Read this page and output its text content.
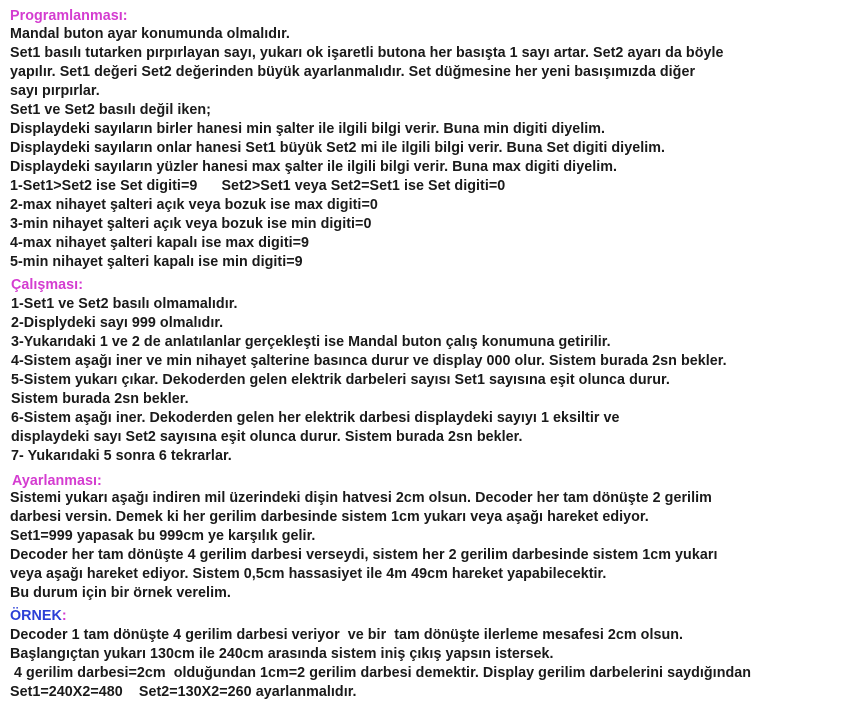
Programlanması:
Mandal buton ayar konumunda olmalıdır.
Set1 basılı tutarken pırpırlayan sayı, yukarı ok işaretli butona her basışta 1 sayı artar. Set2 ayarı da böyle
yapılır. Set1 değeri Set2 değerinden büyük ayarlanmalıdır. Set düğmesine her yeni basışımızda diğer
sayı pırpırlar.
Set1 ve Set2 basılı değil iken;
Displaydeki sayıların birler hanesi min şalter ile ilgili bilgi verir. Buna min digiti diyelim.
Displaydeki sayıların onlar hanesi Set1 büyük Set2 mi ile ilgili bilgi verir. Buna Set digiti diyelim.
Displaydeki sayıların yüzler hanesi max şalter ile ilgili bilgi verir. Buna max digiti diyelim.
1-Set1>Set2 ise Set digiti=9      Set2>Set1 veya Set2=Set1 ise Set digiti=0
2-max nihayet şalteri açık veya bozuk ise max digiti=0
3-min nihayet şalteri açık veya bozuk ise min digiti=0
4-max nihayet şalteri kapalı ise max digiti=9
5-min nihayet şalteri kapalı ise min digiti=9
Çalışması:
1-Set1 ve Set2 basılı olmamalıdır.
2-Displydeki sayı 999 olmalıdır.
3-Yukarıdaki 1 ve 2 de anlatılanlar gerçekleşti ise Mandal buton çalış konumuna getirilir.
4-Sistem aşağı iner ve min nihayet şalterine basınca durur ve display 000 olur. Sistem burada 2sn bekler.
5-Sistem yukarı çıkar. Dekoderden gelen elektrik darbeleri sayısı Set1 sayısına eşit olunca durur.
Sistem burada 2sn bekler.
6-Sistem aşağı iner. Dekoderden gelen her elektrik darbesi displaydeki sayıyı 1 eksiltir ve
displaydeki sayı Set2 sayısına eşit olunca durur. Sistem burada 2sn bekler.
7- Yukarıdaki 5 sonra 6 tekrarlar.
Ayarlanması:
Sistemi yukarı aşağı indiren mil üzerindeki dişin hatvesi 2cm olsun. Decoder her tam dönüşte 2 gerilim
darbesi versin. Demek ki her gerilim darbesinde sistem 1cm yukarı veya aşağı hareket ediyor.
Set1=999 yapasak bu 999cm ye karşılık gelir.
Decoder her tam dönüşte 4 gerilim darbesi verseydi, sistem her 2 gerilim darbesinde sistem 1cm yukarı
veya aşağı hareket ediyor. Sistem 0,5cm hassasiyet ile 4m 49cm hareket yapabilecektir.
Bu durum için bir örnek verelim.
ÖRNEK:
Decoder 1 tam dönüşte 4 gerilim darbesi veriyor  ve bir  tam dönüşte ilerleme mesafesi 2cm olsun.
Başlangıçtan yukarı 130cm ile 240cm arasında sistem iniş çıkış yapsın istersek.
4 gerilim darbesi=2cm  olduğundan 1cm=2 gerilim darbesi demektir. Display gerilim darbelerini saydığından
Set1=240X2=480    Set2=130X2=260 ayarlanmalıdır.
